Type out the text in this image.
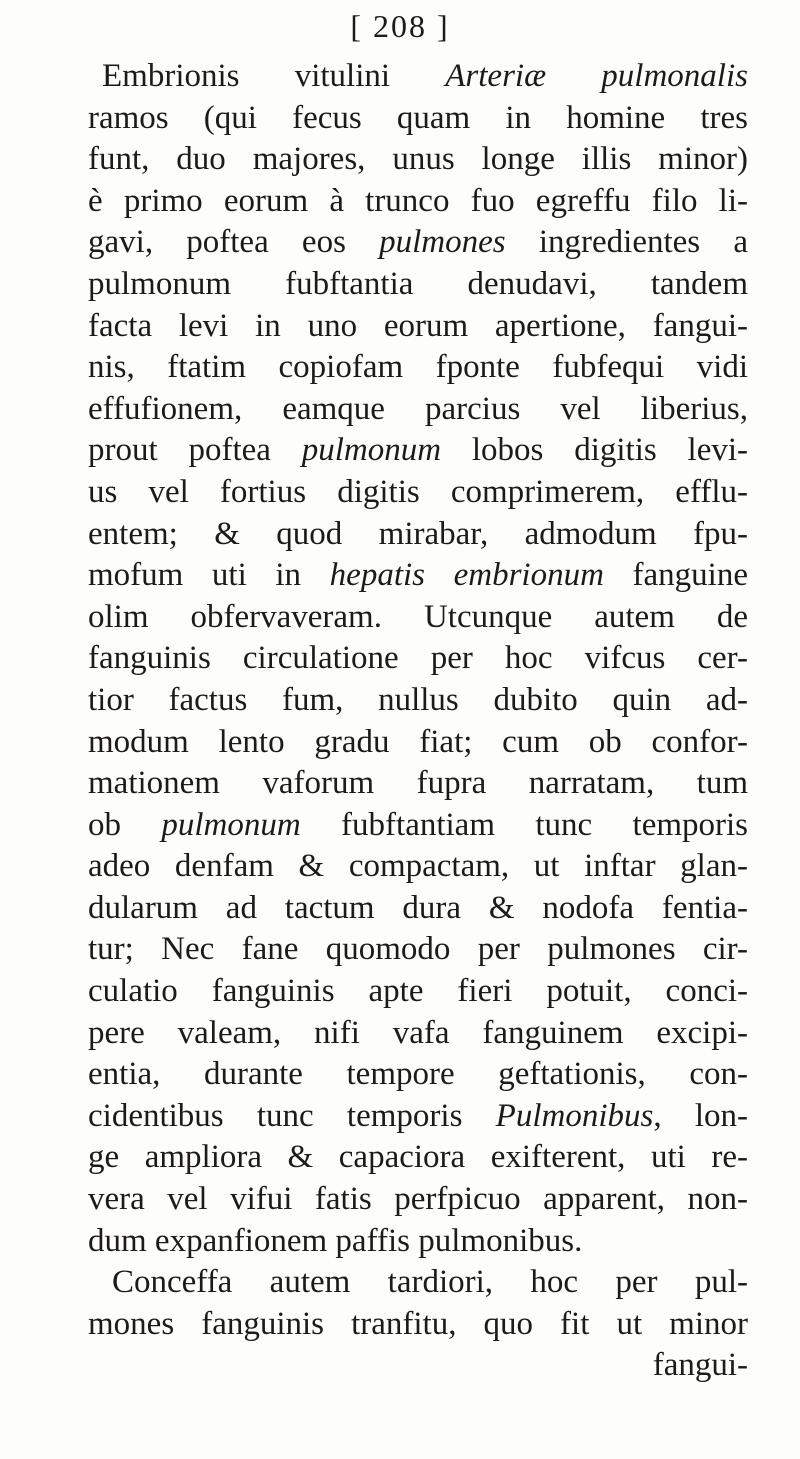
[ 208 ]
Embrionis vitulini Arteriæ pulmonalis
ramos (qui fecus quam in homine tres
funt, duo majores, unus longe illis minor)
è primo eorum à trunco fuo egreffu filo li-
gavi, poftea eos pulmones ingredientes a
pulmonum fubftantia denudavi, tandem
facta levi in uno eorum apertione, fangui-
nis, ftatim copiofam fponte fubfequi vidi
effufionem, eamque parcius vel liberius,
prout poftea pulmonum lobos digitis levi-
us vel fortius digitis comprimerem, efflu-
entem; & quod mirabar, admodum fpu-
mofum uti in hepatis embrionum fanguine
olim obfervaveram. Utcunque autem de
fanguinis circulatione per hoc vifcus cer-
tior factus fum, nullus dubito quin ad-
modum lento gradu fiat; cum ob confor-
mationem vaforum fupra narratam, tum
ob pulmonum fubftantiam tunc temporis
adeo denfam & compactam, ut inftar glan-
dularum ad tactum dura & nodofa fentia-
tur; Nec fane quomodo per pulmones cir-
culatio fanguinis apte fieri potuit, conci-
pere valeam, nifi vafa fanguinem excipi-
entia, durante tempore geftationis, con-
cidentibus tunc temporis Pulmonibus, lon-
ge ampliora & capaciora exifterent, uti re-
vera vel vifui fatis perfpicuo apparent, non-
dum expanfionem paffis pulmonibus.
Conceffa autem tardiori, hoc per pul-
mones fanguinis tranfitu, quo fit ut minor
fangui-
